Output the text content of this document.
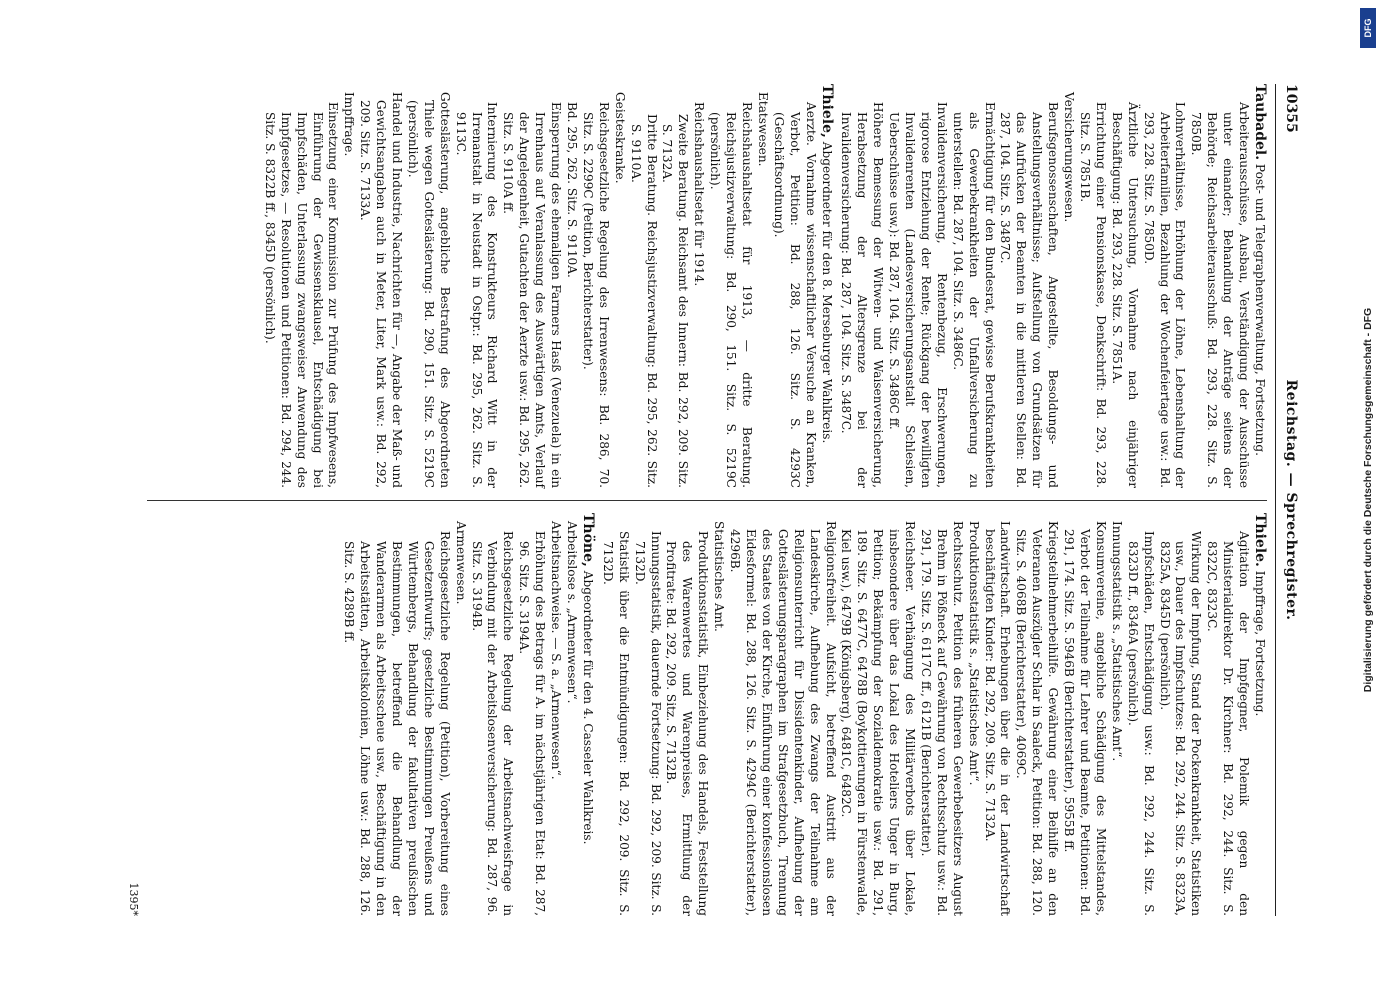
10355
Reichstag. — Sprechregister.

Taubadel. Post- und Telegraphenverwaltung, Fortsetzung.

Arbeiterausschüsse, Ausbau, Verständigung der Ausschüsse unter einander; Behandlung der Anträge seitens der Behörde; Reichsarbeiterausschuß: Bd. 293, 228. Sitz. S. 7850B.

Lohnverhältnisse, Erhöhung der Löhne, Lebenshaltung der Arbeiterfamilien, Bezahlung der Wochenfeiertage usw.: Bd. 293, 228. Sitz. S. 7850D.

Ärztliche Untersuchung, Vornahme nach einjähriger Beschäftigung: Bd. 293, 228. Sitz. S. 7851A.

Errichtung einer Pensionskasse, Denkschrift: Bd. 293, 228. Sitz. S. 7851B.

Versicherungswesen.

Berufsgenossenschaften, Angestellte, Besoldungs- und Anstellungsverhältnisse; Aufstellung von Grundsätzen für das Aufrücken der Beamten in die mittleren Stellen: Bd. 287, 104. Sitz. S. 3487C.

Ermächtigung für den Bundesrat, gewisse Berufskrankheiten als Gewerbekrankheiten der Unfallversicherung zu unterstellen: Bd. 287, 104. Sitz. S. 3486C.

Invalidenversicherung, Rentenbezug, Erschwerungen, rigorose Entziehung der Rente; Rückgang der bewilligten Invalidenrenten (Landesversicherungsanstalt Schlesien, Ueberschüsse usw.): Bd. 287, 104. Sitz. S. 3486C ff.

Höhere Bemessung der Witwen- und Waisenversicherung, Herabsetzung der Altersgrenze bei der Invalidenversicherung: Bd. 287, 104. Sitz. S. 3487C.

Thiele, Abgeordneter für den 8. Merseburger Wahlkreis.

Aerzte. Vornahme wissenschaftlicher Versuche an Kranken, Verbot, Petition: Bd. 288, 126. Sitz. S. 4293C (Geschäftsordnung).

Etatswesen.

Reichshaushaltsetat für 1913, — dritte Beratung. Reichsjustizverwaltung: Bd. 290, 151. Sitz. S. 5219C (persönlich).

Reichshaushaltsetat für 1914.

Zweite Beratung. Reichsamt des Innern: Bd. 292, 209. Sitz. S. 7132A.

Dritte Beratung. Reichsjustizverwaltung: Bd. 295, 262. Sitz. S. 9110A.

Geisteskranke.

Reichsgesetzliche Regelung des Irrenwesens: Bd. 286, 70. Sitz. S. 2299C (Petition, Berichterstatter).

Bd. 295, 262. Sitz. S. 9110A.

Einsperrung des ehemaligen Farmers Hasß (Venezuela) in ein Irrenhaus auf Veranlassung des Auswärtigen Amts, Verlauf der Angelegenheit, Gutachten der Aerzte usw.: Bd. 295, 262. Sitz. S. 9110A ff.

Internierung des Konstrukteurs Richard Witt in der Irrenanstalt in Neustadt in Ostpr.: Bd. 295, 262. Sitz. S. 9113C.

Gotteslästerung, angebliche Bestrafung des Abgeordneten Thiele wegen Gotteslästerung: Bd. 290, 151. Sitz. S. 5219C (persönlich).

Handel und Industrie, Nachrichten für —, Angabe der Maß- und Gewichtsangaben auch in Meter, Liter, Mark usw.: Bd. 292, 209. Sitz. S. 7133A.

Impffrage.

Einsetzung einer Kommission zur Prüfung des Impfwesens, Einführung der Gewissensklausel, Entschädigung bei Impfschäden, Unterlassung zwangsweiser Anwendung des Impfgesetzes, — Resolutionen und Petitionen: Bd. 294, 244. Sitz. S. 8322B ff., 8345D (persönlich).

Thiele. Impffrage, Fortsetzung.

Agitation der Impfgegner, Polemik gegen den Ministerialdirektor Dr. Kirchner: Bd. 292, 244. Sitz. S. 8322C, 8323C.

Wirkung der Impfung, Stand der Pockenkrankheit, Statistiken usw., Dauer des Impfschutzes: Bd. 292, 244. Sitz. S. 8323A, 8325A, 8345D (persönlich).

Impfschäden, Entschädigung usw.: Bd. 292, 244. Sitz. S. 8323D ff., 8346A (persönlich).

Innungsstatistik s. „Statistisches Amt“.

Konsumvereine, angebliche Schädigung des Mittelstandes, Verbot der Teilnahme für Lehrer und Beamte, Petitionen: Bd. 291, 174. Sitz. S. 5946B (Berichterstatter), 5955B ff.

Kriegsteilnehmerbeihilfe. Gewährung einer Beihilfe an den Veteranen Auszügler Schlar in Saaleck, Petition: Bd. 288, 120. Sitz. S. 4068B (Berichterstatter), 4069C.

Landwirtschaft. Erhebungen über die in der Landwirtschaft beschäftigten Kinder: Bd. 292, 209. Sitz. S. 7132A.

Produktionsstatistik s. „Statistisches Amt“.

Rechtsschutz. Petition des früheren Gewerbebesitzers August Brehm in Pößneck auf Gewährung von Rechtsschutz usw.: Bd. 291, 179. Sitz. S. 6117C ff., 6121B (Berichterstatter).

Reichsheer. Verhängung des Militärverbots über Lokale, insbesondere über das Lokal des Hoteliers Unger in Burg, Petition; Bekämpfung der Sozialdemokratie usw.: Bd. 291, 189. Sitz. S. 6477C, 6478B (Boykottierungen in Fürstenwalde, Kiel usw.), 6479B (Königsberg), 6481C, 6482C.

Religionsfreiheit. Aufsicht, betreffend Austritt aus der Landeskirche, Aufhebung des Zwangs der Teilnahme am Religionsunterricht für Dissidentenkinder, Aufhebung der Gotteslästerungsparagraphen im Strafgesetzbuch, Trennung des Staates von der Kirche, Einführung einer konfessionslosen Eidesformel: Bd. 288, 126. Sitz. S. 4294C (Berichterstatter), 4296B.

Statistisches Amt.

Produktionsstatistik, Einbeziehung des Handels, Feststellung des Warenwertes und Warenpreises, Ermittlung der Profitrate: Bd. 292, 209. Sitz. S. 7132B.

Innungsstatistik, dauernde Fortsetzung: Bd. 292, 209. Sitz. S. 7132D.

Statistik über die Entmündigungen: Bd. 292, 209. Sitz. S. 7132D.

Thöne, Abgeordneter für den 4. Casseler Wahlkreis.

Arbeitslose s. „Armenwesen“.

Arbeitsnachweise. — S. a. „Armenwesen“.

Erhöhung des Betrags für A. im nächstjährigen Etat: Bd. 287, 96. Sitz. S. 3194A.

Reichsgesetzliche Regelung der Arbeitsnachweisfrage in Verbindung mit der Arbeitslosenversicherung: Bd. 287, 96. Sitz. S. 3194B.

Armenwesen.

Reichsgesetzliche Regelung (Petition), Vorbereitung eines Gesetzentwurfs; gesetzliche Bestimmungen Preußens und Württembergs, Behandlung der fakultativen preußischen Bestimmungen, betreffend die Behandlung der Wanderarmen als Arbeitsscheue usw., Beschäftigung in den Arbeitsstätten, Arbeitskolonien, Löhne usw.: Bd. 288, 126. Sitz. S. 4289B ff.

1395*
Digitalisierung gefördert durch die Deutsche Forschungsgemeinschaft - DFG
DFG
